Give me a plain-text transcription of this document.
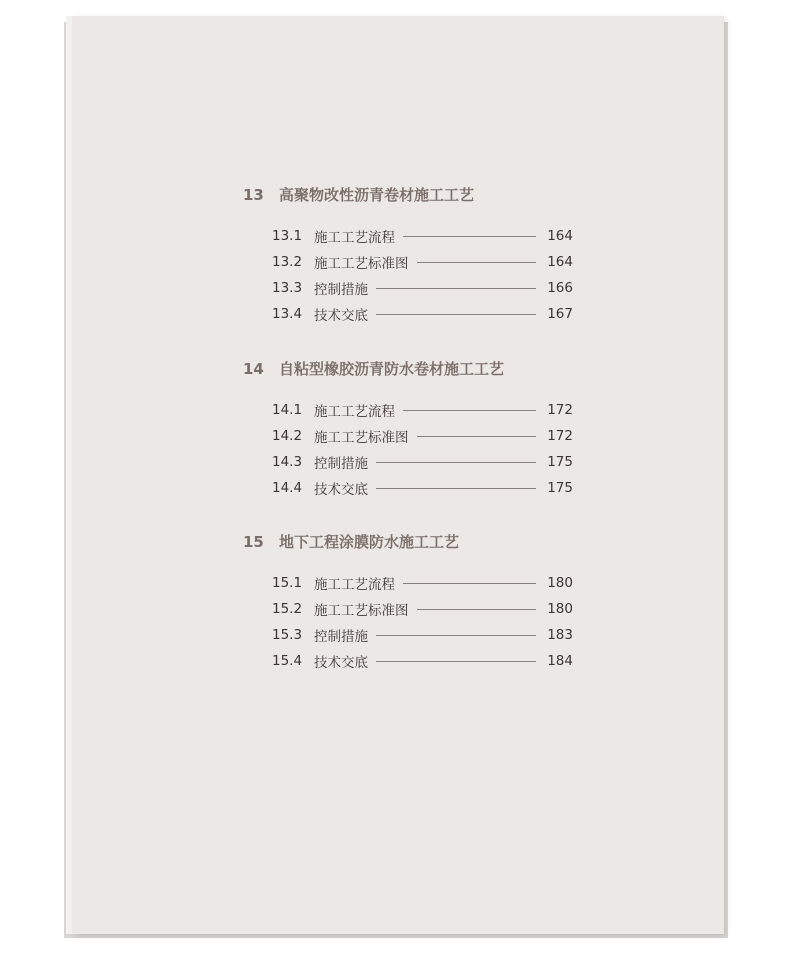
13 高聚物改性沥青卷材施工工艺
13.1 施工工艺流程	164
13.2 施工工艺标准图	164
13.3 控制措施	166
13.4 技术交底	167
14 自粘型橡胶沥青防水卷材施工工艺
14.1 施工工艺流程	172
14.2 施工工艺标准图	172
14.3 控制措施	175
14.4 技术交底	175
15 地下工程涂膜防水施工工艺
15.1 施工工艺流程	180
15.2 施工工艺标准图	180
15.3 控制措施	183
15.4 技术交底	184
